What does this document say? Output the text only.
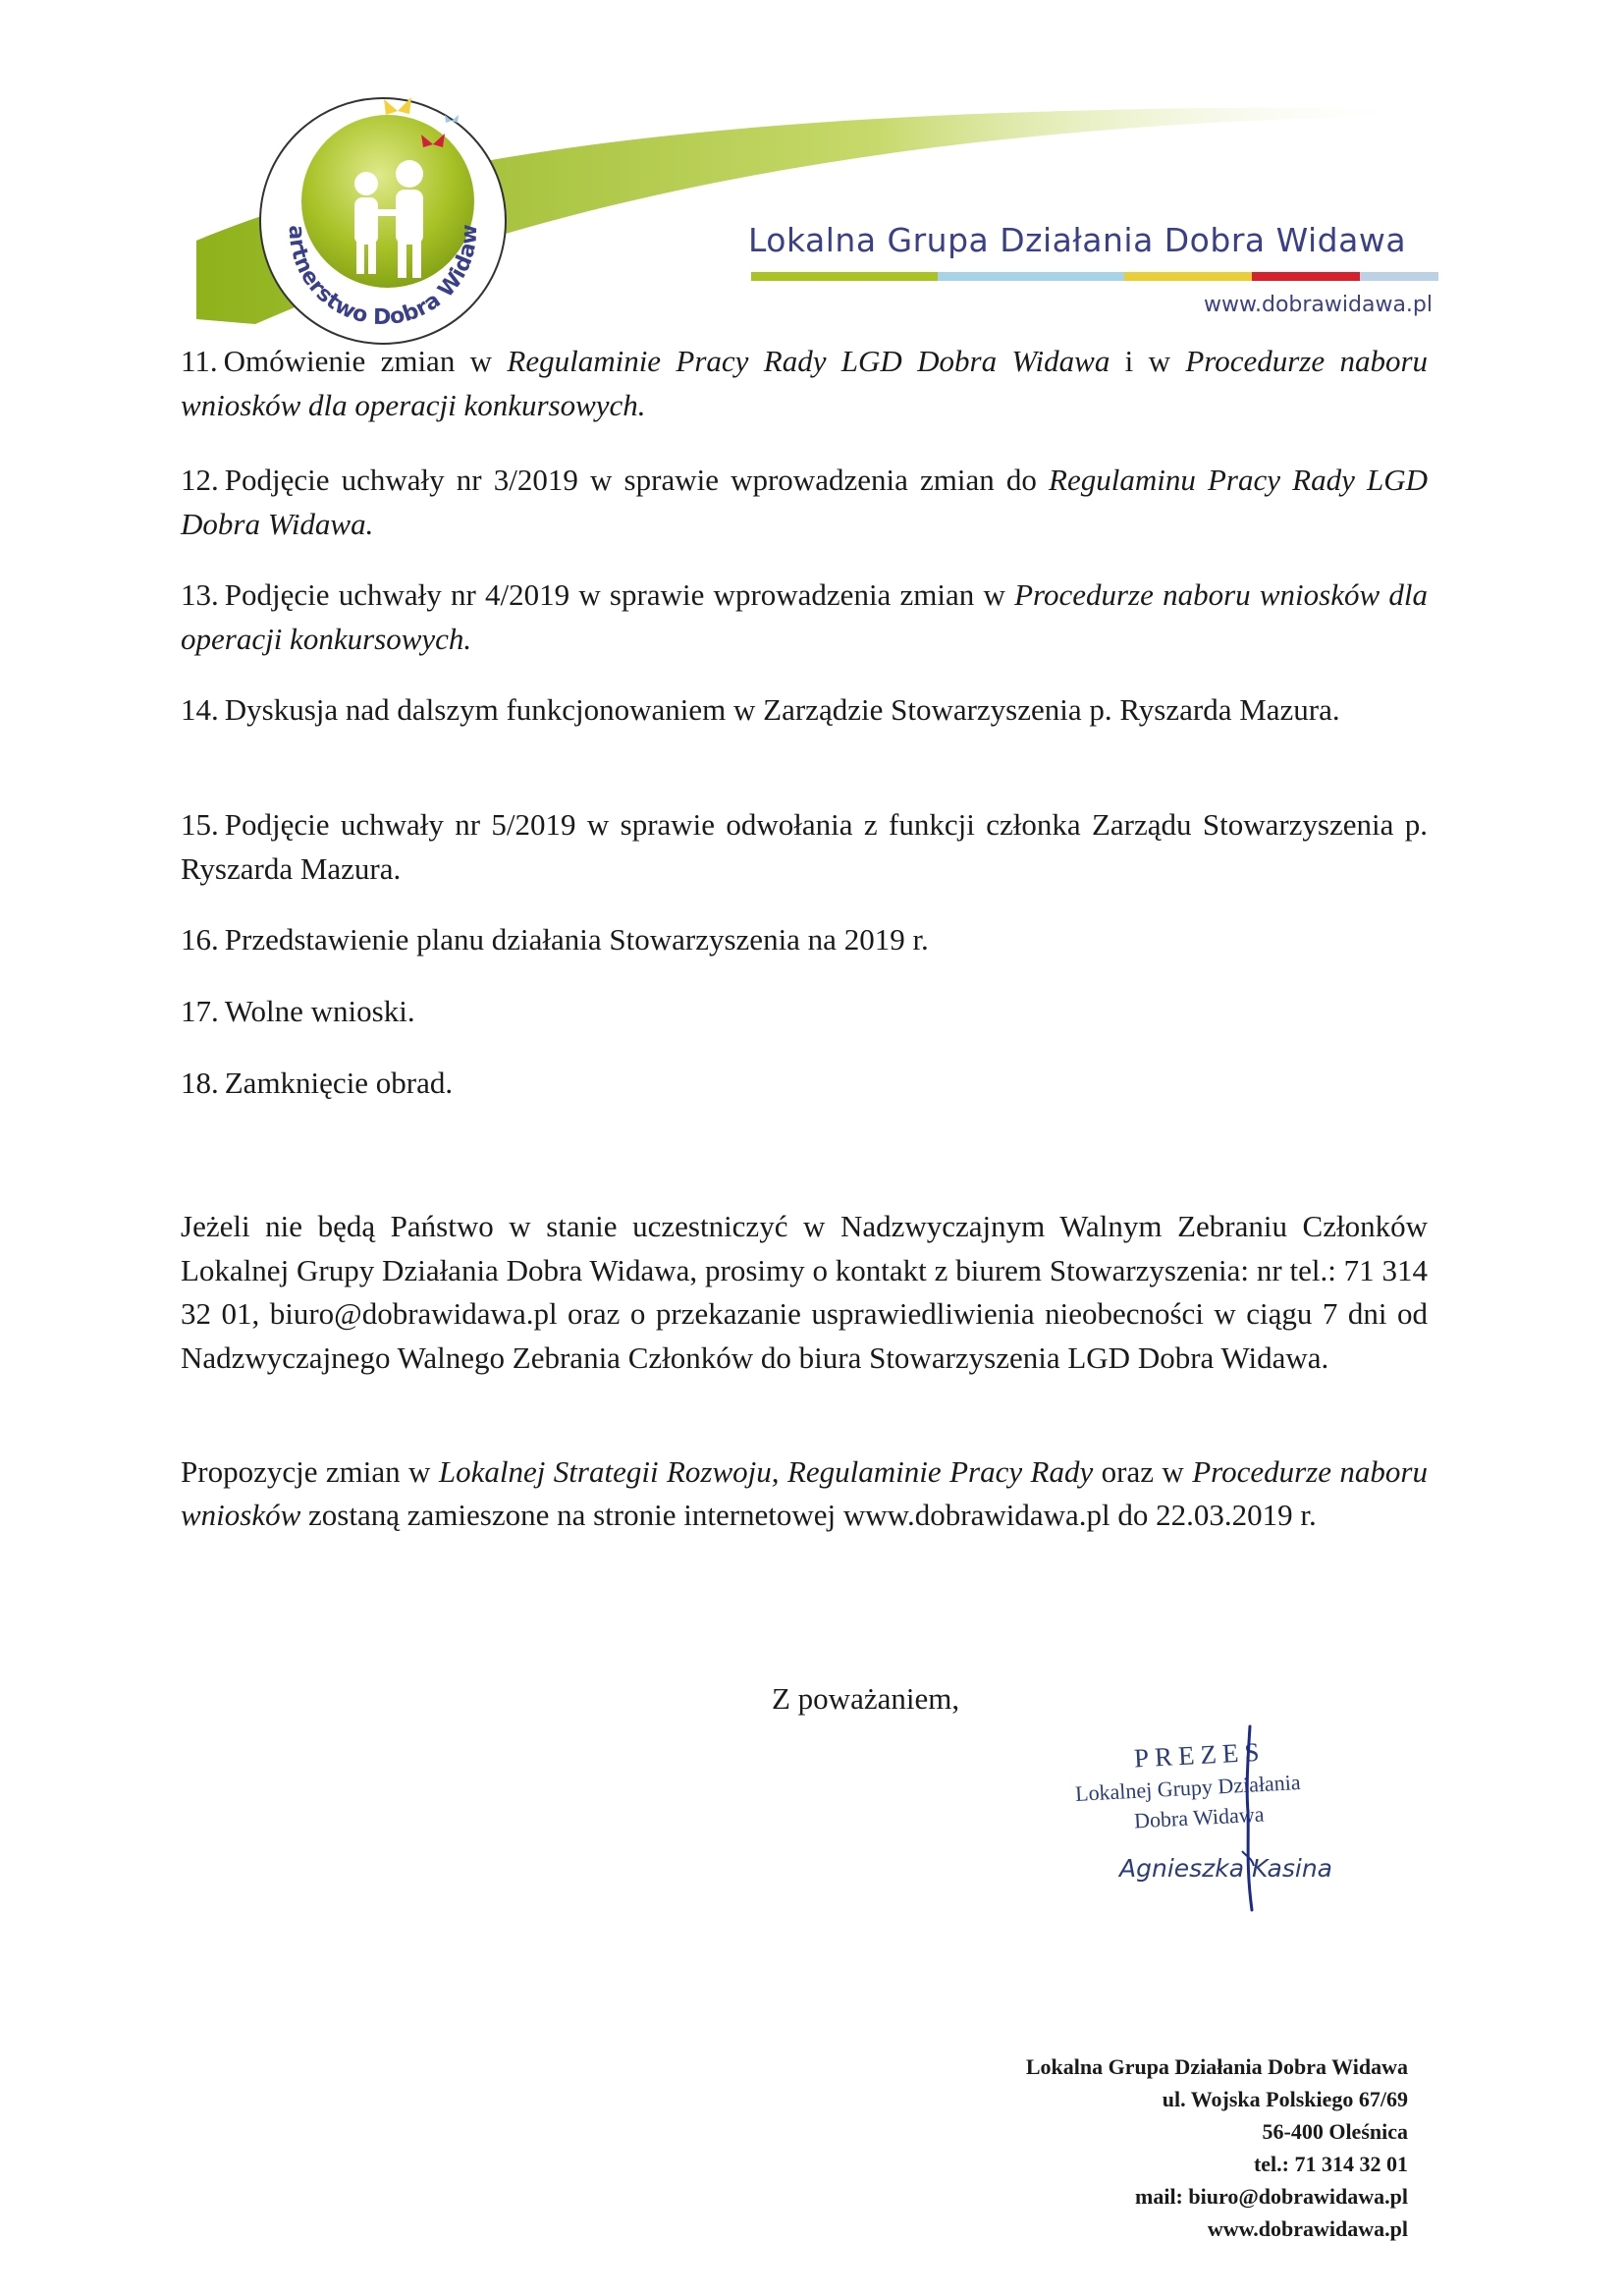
artnerstwo Dobra Widaw	Lokalna Grupa Działania Dobra Widawa
www.dobrawidawa.pl
11. Omówienie zmian w Regulaminie Pracy Rady LGD Dobra Widawa i w Procedurze naboru wniosków dla operacji konkursowych.
12. Podjęcie uchwały nr 3/2019 w sprawie wprowadzenia zmian do Regulaminu Pracy Rady LGD Dobra Widawa.
13. Podjęcie uchwały nr 4/2019 w sprawie wprowadzenia zmian w Procedurze naboru wniosków dla operacji konkursowych.
14. Dyskusja nad dalszym funkcjonowaniem w Zarządzie Stowarzyszenia p. Ryszarda Mazura.
15. Podjęcie uchwały nr 5/2019 w sprawie odwołania z funkcji członka Zarządu Stowarzyszenia p. Ryszarda Mazura.
16. Przedstawienie planu działania Stowarzyszenia na 2019 r.
17. Wolne wnioski.
18. Zamknięcie obrad.
Jeżeli nie będą Państwo w stanie uczestniczyć w Nadzwyczajnym Walnym Zebraniu Członków Lokalnej Grupy Działania Dobra Widawa, prosimy o kontakt z biurem Stowarzyszenia: nr tel.: 71 314 32 01, biuro@dobrawidawa.pl oraz o przekazanie usprawiedliwienia nieobecności w ciągu 7 dni od Nadzwyczajnego Walnego Zebrania Członków do biura Stowarzyszenia LGD Dobra Widawa.
Propozycje zmian w Lokalnej Strategii Rozwoju, Regulaminie Pracy Rady oraz w Procedurze naboru wniosków zostaną zamieszone na stronie internetowej www.dobrawidawa.pl do 22.03.2019 r.
Z poważaniem,
PREZES
Lokalnej Grupy Działania
Dobra Widawa
Agnieszka Kasina
Lokalna Grupa Działania Dobra Widawa
ul. Wojska Polskiego 67/69
56-400 Oleśnica
tel.: 71 314 32 01
mail: biuro@dobrawidawa.pl
www.dobrawidawa.pl
